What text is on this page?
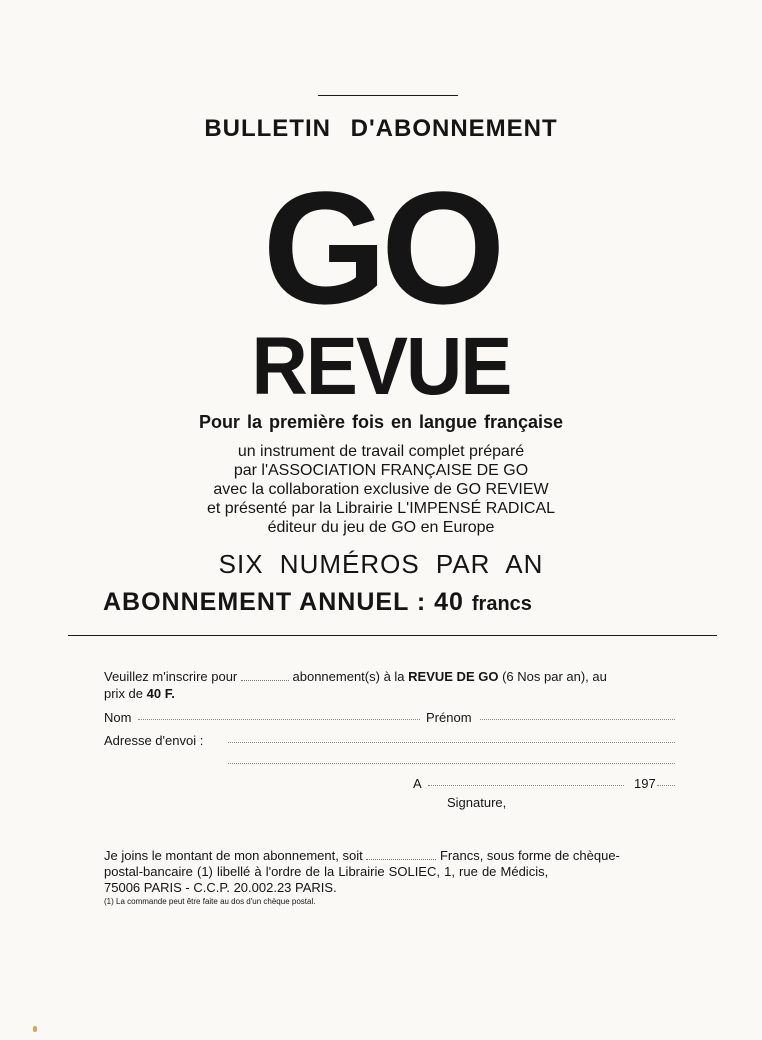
BULLETIN D'ABONNEMENT
GO
REVUE
Pour la première fois en langue française
un instrument de travail complet préparé
par l'ASSOCIATION FRANÇAISE DE GO
avec la collaboration exclusive de GO REVIEW
et présenté par la Librairie L'IMPENSÉ RADICAL
éditeur du jeu de GO en Europe
SIX NUMÉROS PAR AN
ABONNEMENT ANNUEL : 40 francs
Veuillez m'inscrire pour	abonnement(s) à la REVUE DE GO (6 Nos par an), au
prix de 40 F.
Nom	Prénom
Adresse d'envoi :
A	197
Signature,
Je joins le montant de mon abonnement, soit	Francs, sous forme de chèque-
postal-bancaire (1) libellé à l'ordre de la Librairie SOLIEC, 1, rue de Médicis,
75006 PARIS - C.C.P. 20.002.23 PARIS.
(1) La commande peut être faite au dos d'un chèque postal.
